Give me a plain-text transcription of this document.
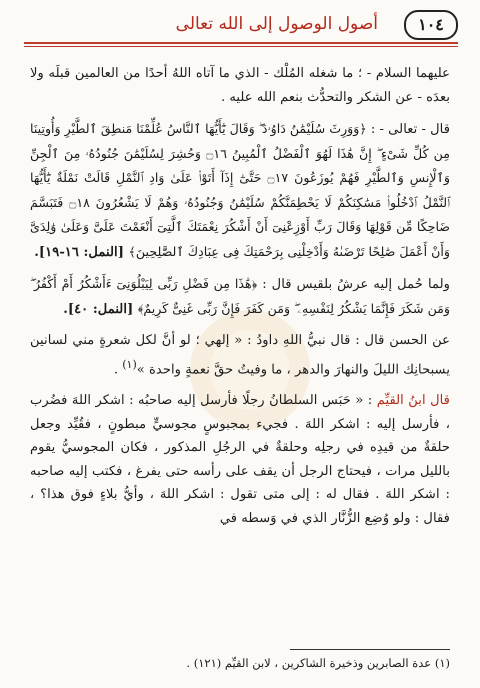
١٠٤
أصول الوصول إلى الله تعالى

عليهما السلام - ؛ ما شغله المُلْك - الذي ما آتاه اللهُ أحدًا من العالمين قبلَه ولا بعدَه - عن الشكر والتحدُّث بنعم الله عليه .

قال - تعالى - : ﴿وَوَرِثَ سُلَيْمَٰنُ دَاوُۥدَ ۖ وَقَالَ يَٰٓأَيُّهَا ٱلنَّاسُ عُلِّمْنَا مَنطِقَ ٱلطَّيْرِ وَأُوتِينَا مِن كُلِّ شَىْءٍ ۖ إِنَّ هَٰذَا لَهُوَ ٱلْفَضْلُ ٱلْمُبِينُ ۝١٦ وَحُشِرَ لِسُلَيْمَٰنَ جُنُودُهُۥ مِنَ ٱلْجِنِّ وَٱلْإِنسِ وَٱلطَّيْرِ فَهُمْ يُوزَعُونَ ۝١٧ حَتَّىٰٓ إِذَآ أَتَوْا۟ عَلَىٰ وَادِ ٱلنَّمْلِ قَالَتْ نَمْلَةٌ يَٰٓأَيُّهَا ٱلنَّمْلُ ٱدْخُلُوا۟ مَسَٰكِنَكُمْ لَا يَحْطِمَنَّكُمْ سُلَيْمَٰنُ وَجُنُودُهُۥ وَهُمْ لَا يَشْعُرُونَ ۝١٨ فَتَبَسَّمَ ضَاحِكًا مِّن قَوْلِهَا وَقَالَ رَبِّ أَوْزِعْنِىٓ أَنْ أَشْكُرَ نِعْمَتَكَ ٱلَّتِىٓ أَنْعَمْتَ عَلَىَّ وَعَلَىٰ وَٰلِدَىَّ وَأَنْ أَعْمَلَ صَٰلِحًا تَرْضَىٰهُ وَأَدْخِلْنِى بِرَحْمَتِكَ فِى عِبَادِكَ ٱلصَّٰلِحِينَ﴾ [النمل: ١٦-١٩].

ولما حُمل إليه عرشُ بلقيس قال : ﴿هَٰذَا مِن فَضْلِ رَبِّى لِيَبْلُوَنِىٓ ءَأَشْكُرُ أَمْ أَكْفُرُ ۖ وَمَن شَكَرَ فَإِنَّمَا يَشْكُرُ لِنَفْسِهِۦ ۖ وَمَن كَفَرَ فَإِنَّ رَبِّى غَنِىٌّ كَرِيمٌ﴾ [النمل: ٤٠].

عن الحسن قال : قال نبيُّ اللهِ داودُ : « إلهي ؛ لو أنَّ لكل شعرةٍ مني لسانين يسبحانِك الليلَ والنهارَ والدهر ، ما وفيتُ حقَّ نعمةٍ واحدة »$^{(١)}$ .

قال ابنُ القيِّم : « حَبَس السلطانُ رجلًا فأرسل إليه صاحبُه : اشكر اللهَ فضُرب ، فأرسل إليه : اشكر اللهَ . فجيء بمجبوسٍ مجوسيٍّ مبطونٍ ، فقُيِّد وجعل حلقةٌ من قيدِه في رجلِه وحلقةٌ في الرجُلِ المذكور ، فكان المجوسيُّ يقوم بالليل مرات ، فيحتاج الرجل أن يقف على رأسه حتى يفرغ ، فكتب إليه صاحبه : اشكر اللهَ . فقال له : إلى متى تقول : اشكر اللهَ ، وأيُّ بلاءٍ فوق هذا؟ ، فقال : ولو وُضِع الزُّنَّار الذي في وَسطه في

(١) عدة الصابرين وذخيرة الشاكرين ، لابن القيِّم (١٢١) .
